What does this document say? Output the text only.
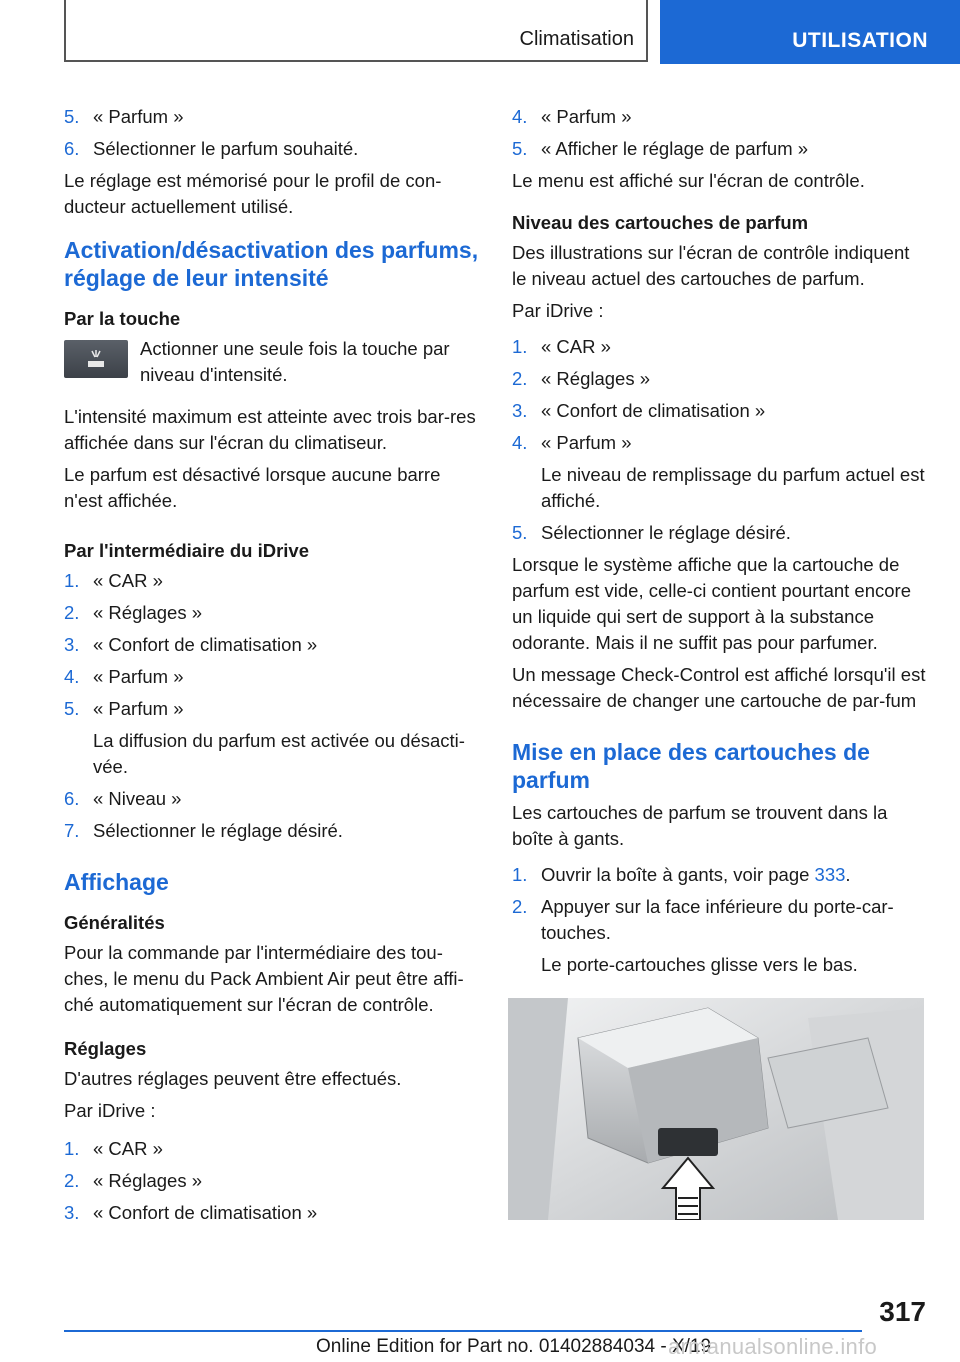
Climatisation	UTILISATION
5. « Parfum »
6. Sélectionner le parfum souhaité.

Le réglage est mémorisé pour le profil de con-ducteur actuellement utilisé.

Activation/désactivation des parfums, réglage de leur intensité
Par la touche
Actionner une seule fois la touche par niveau d'intensité.

L'intensité maximum est atteinte avec trois bar-res affichée dans sur l'écran du climatiseur.

Le parfum est désactivé lorsque aucune barre n'est affichée.

Par l'intermédiaire du iDrive
1. « CAR »
2. « Réglages »
3. « Confort de climatisation »
4. « Parfum »
5. « Parfum »
La diffusion du parfum est activée ou désacti-vée.
6. « Niveau »
7. Sélectionner le réglage désiré.
Affichage
Généralités

Pour la commande par l'intermédiaire des tou-ches, le menu du Pack Ambient Air peut être affi-ché automatiquement sur l'écran de contrôle.

Réglages

D'autres réglages peuvent être effectués.

Par iDrive :

1. « CAR »
2. « Réglages »
3. « Confort de climatisation »
4. « Parfum »
5. « Afficher le réglage de parfum »

Le menu est affiché sur l'écran de contrôle.

Niveau des cartouches de parfum

Des illustrations sur l'écran de contrôle indiquent le niveau actuel des cartouches de parfum.

Par iDrive :

1. « CAR »
2. « Réglages »
3. « Confort de climatisation »
4. « Parfum »
Le niveau de remplissage du parfum actuel est affiché.
5. Sélectionner le réglage désiré.

Lorsque le système affiche que la cartouche de parfum est vide, celle-ci contient pourtant encore un liquide qui sert de support à la substance odorante. Mais il ne suffit pas pour parfumer.

Un message Check-Control est affiché lorsqu'il est nécessaire de changer une cartouche de par-fum

Mise en place des cartouches de parfum

Les cartouches de parfum se trouvent dans la boîte à gants.

1. Ouvrir la boîte à gants, voir page 333.
2. Appuyer sur la face inférieure du porte-car-touches.
Le porte-cartouches glisse vers le bas.
317
Online Edition for Part no. 01402884034 - X/19
armanualsonline.info
